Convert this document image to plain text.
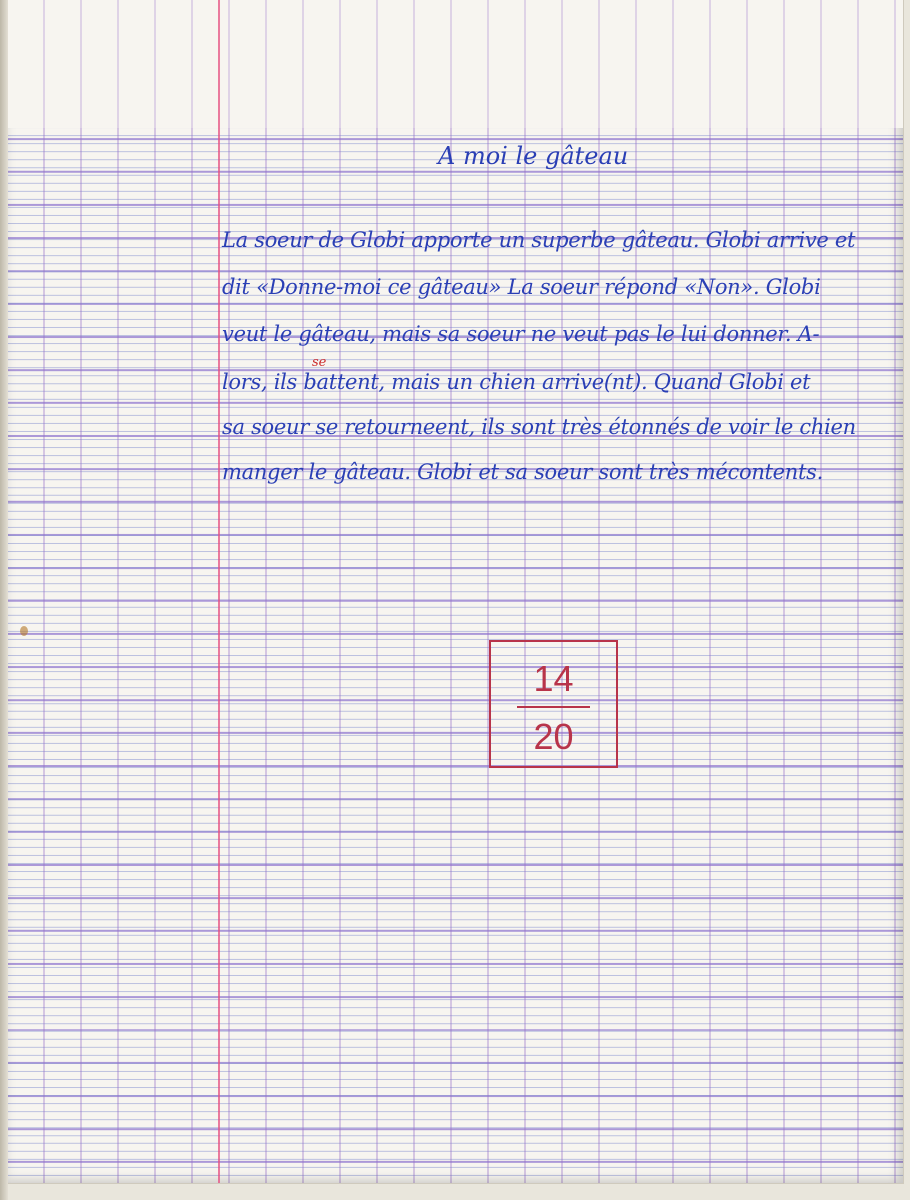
A moi le gâteau
La soeur de Globi apporte un superbe gâteau. Globi arrive et
dit «Donne-moi ce gâteau» La soeur répond «Non». Globi
veut le gâteau, mais sa soeur ne veut pas le lui donner. A-
se
lors, ils battent, mais un chien arrive(nt). Quand Globi et
sa soeur se retourneent, ils sont très étonnés de voir le chien
manger le gâteau. Globi et sa soeur sont très mécontents.
14
20
